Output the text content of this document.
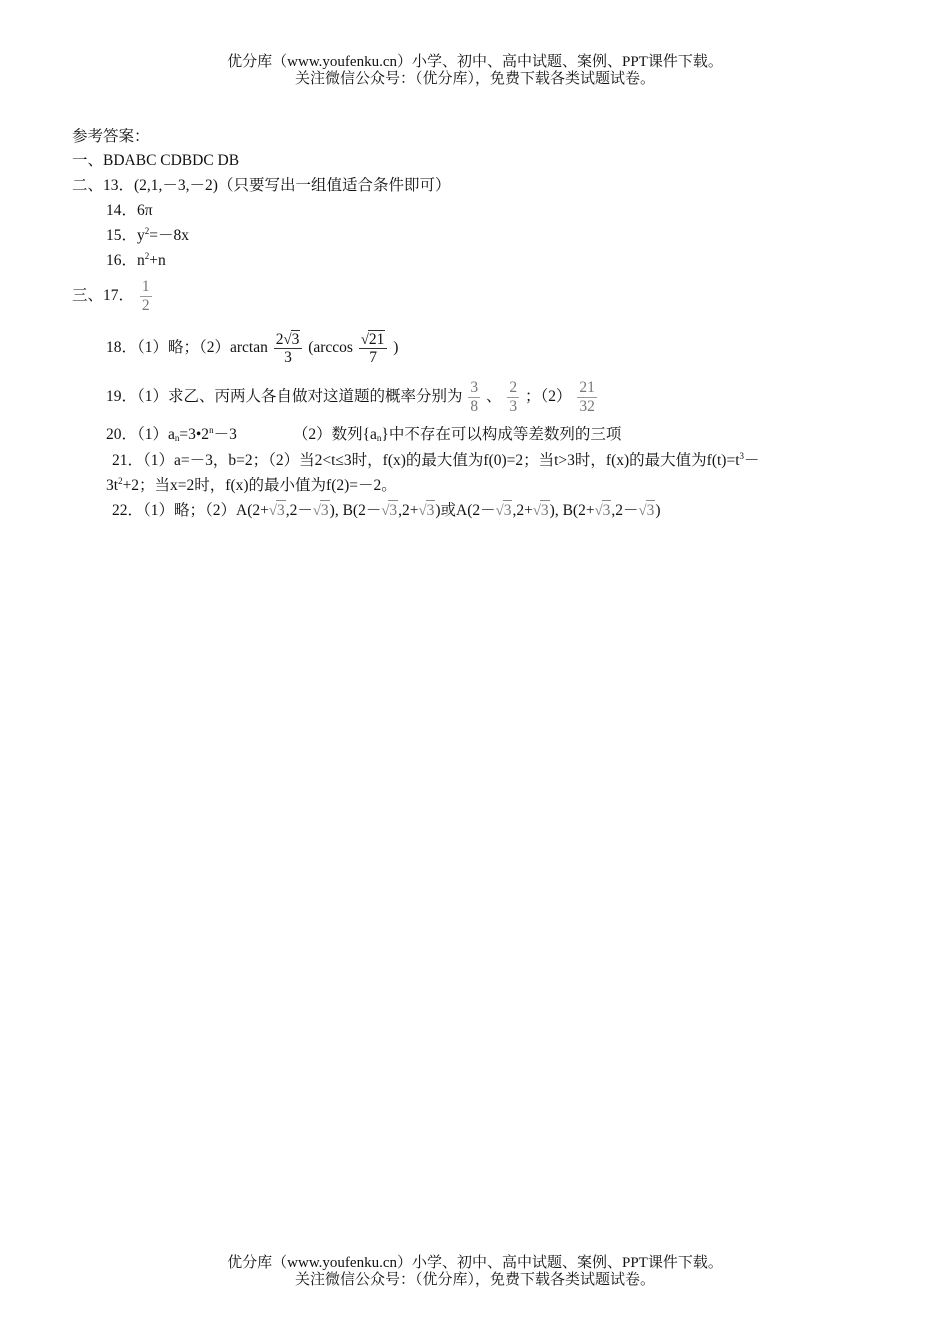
优分库（www.youfenku.cn）小学、初中、高中试题、案例、PPT课件下载。
关注微信公众号：（优分库），免费下载各类试题试卷。
参考答案：
一、BDABC CDBDC DB
二、13．(2,1,－3,－2)（只要写出一组值适合条件即可）
14．6π
15．$y^2=-8x$
16．$n^2+n$
三、17． $\frac{1}{2}$
18．（1）略；$(2)\arctan \frac{2 √ 3}{3} (\arccos \frac{√ 21}{7}$ )
19．（1）求乙、丙两人各自做对这道题的概率分别为 $\frac{3}{8}$ 、 $\frac{2}{3}$ ；$(2) \frac{21}{32}$
20．$(1)a_n=3•2^n-3$	（2）数列$\{a_n\}$中不存在可以构成等差数列的三项
21．（1）a=－3，b=2；（2）当2<t≤3时，f(x)的最大值为f(0)=2；当t>3时，f(x)的最大值为$f(t)=t^3-$
$3t^2+2$；当x=2时，f(x)的最小值为f(2)=－2。
22．（1）略；（2）A(2+ √ 3 ,2－ √ 3 ), B(2－ √ 3 ,2+ √ 3 )或A(2－ √ 3 ,2+ √ 3 ), B(2+ √ 3 ,2－ √ 3 )
优分库（www.youfenku.cn）小学、初中、高中试题、案例、PPT课件下载。
关注微信公众号：（优分库），免费下载各类试题试卷。
